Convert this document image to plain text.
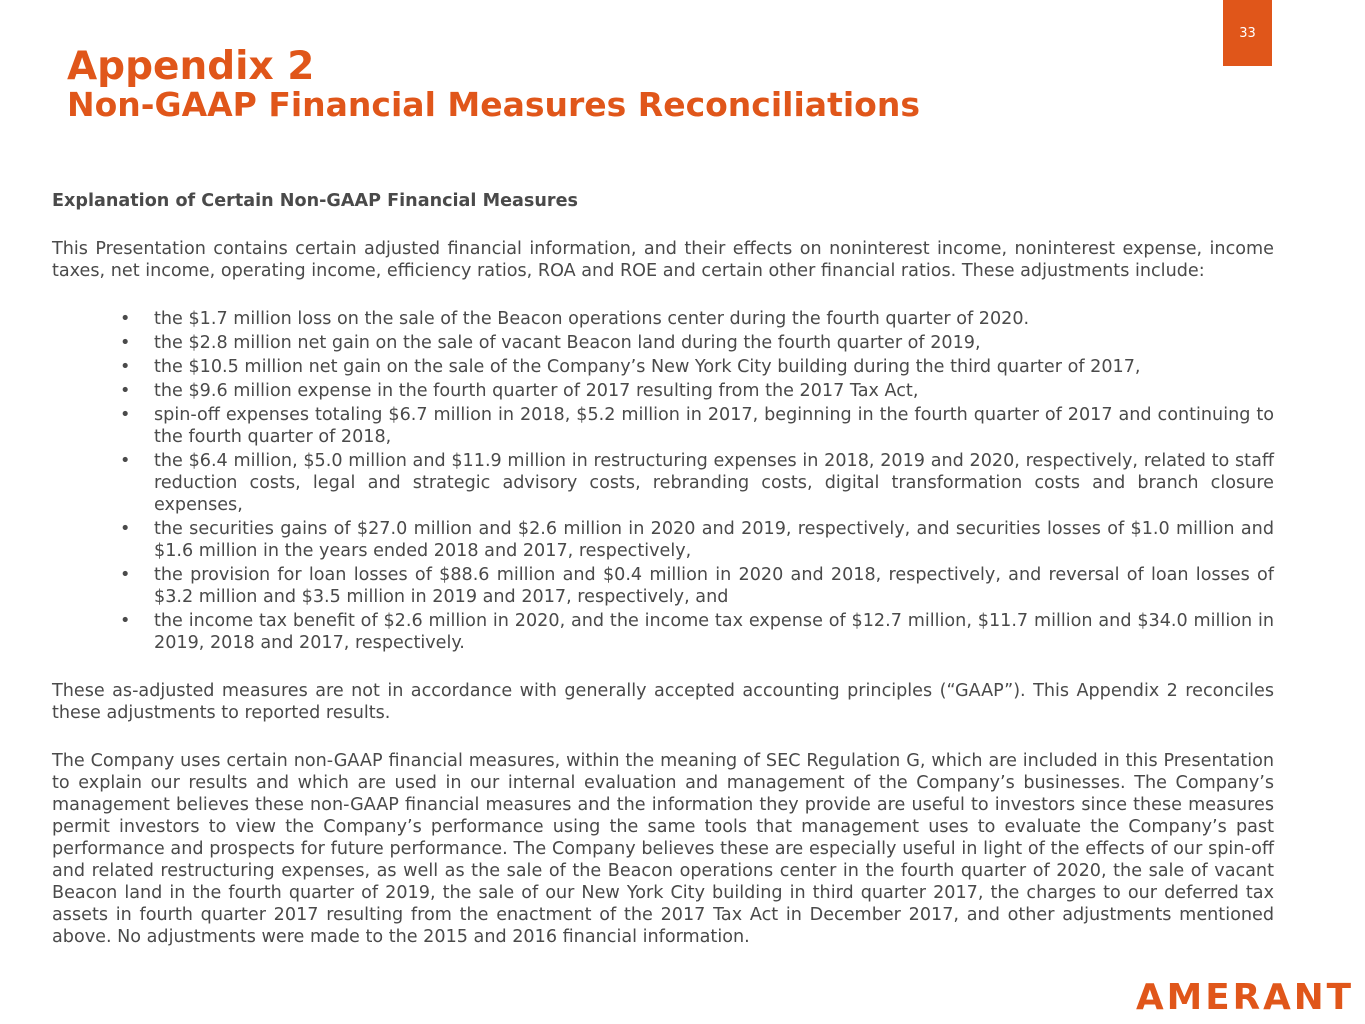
33
Appendix 2
Non-GAAP Financial Measures Reconciliations

Explanation of Certain Non-GAAP Financial Measures

This Presentation contains certain adjusted financial information, and their effects on noninterest income, noninterest expense, income taxes, net income, operating income, efficiency ratios, ROA and ROE and certain other financial ratios. These adjustments include:

• the $1.7 million loss on the sale of the Beacon operations center during the fourth quarter of 2020.
• the $2.8 million net gain on the sale of vacant Beacon land during the fourth quarter of 2019,
• the $10.5 million net gain on the sale of the Company’s New York City building during the third quarter of 2017,
• the $9.6 million expense in the fourth quarter of 2017 resulting from the 2017 Tax Act,
• spin-off expenses totaling $6.7 million in 2018, $5.2 million in 2017, beginning in the fourth quarter of 2017 and continuing to the fourth quarter of 2018,
• the $6.4 million, $5.0 million and $11.9 million in restructuring expenses in 2018, 2019 and 2020, respectively, related to staff reduction costs, legal and strategic advisory costs, rebranding costs, digital transformation costs and branch closure expenses,
• the securities gains of $27.0 million and $2.6 million in 2020 and 2019, respectively, and securities losses of $1.0 million and $1.6 million in the years ended 2018 and 2017, respectively,
• the provision for loan losses of $88.6 million and $0.4 million in 2020 and 2018, respectively, and reversal of loan losses of $3.2 million and $3.5 million in 2019 and 2017, respectively, and
• the income tax benefit of $2.6 million in 2020, and the income tax expense of $12.7 million, $11.7 million and $34.0 million in 2019, 2018 and 2017, respectively.

These as-adjusted measures are not in accordance with generally accepted accounting principles (“GAAP”). This Appendix 2 reconciles these adjustments to reported results.

The Company uses certain non-GAAP financial measures, within the meaning of SEC Regulation G, which are included in this Presentation to explain our results and which are used in our internal evaluation and management of the Company’s businesses. The Company’s management believes these non-GAAP financial measures and the information they provide are useful to investors since these measures permit investors to view the Company’s performance using the same tools that management uses to evaluate the Company’s past performance and prospects for future performance. The Company believes these are especially useful in light of the effects of our spin-off and related restructuring expenses, as well as the sale of the Beacon operations center in the fourth quarter of 2020, the sale of vacant Beacon land in the fourth quarter of 2019, the sale of our New York City building in third quarter 2017, the charges to our deferred tax assets in fourth quarter 2017 resulting from the enactment of the 2017 Tax Act in December 2017, and other adjustments mentioned above. No adjustments were made to the 2015 and 2016 financial information.

AMERANT
